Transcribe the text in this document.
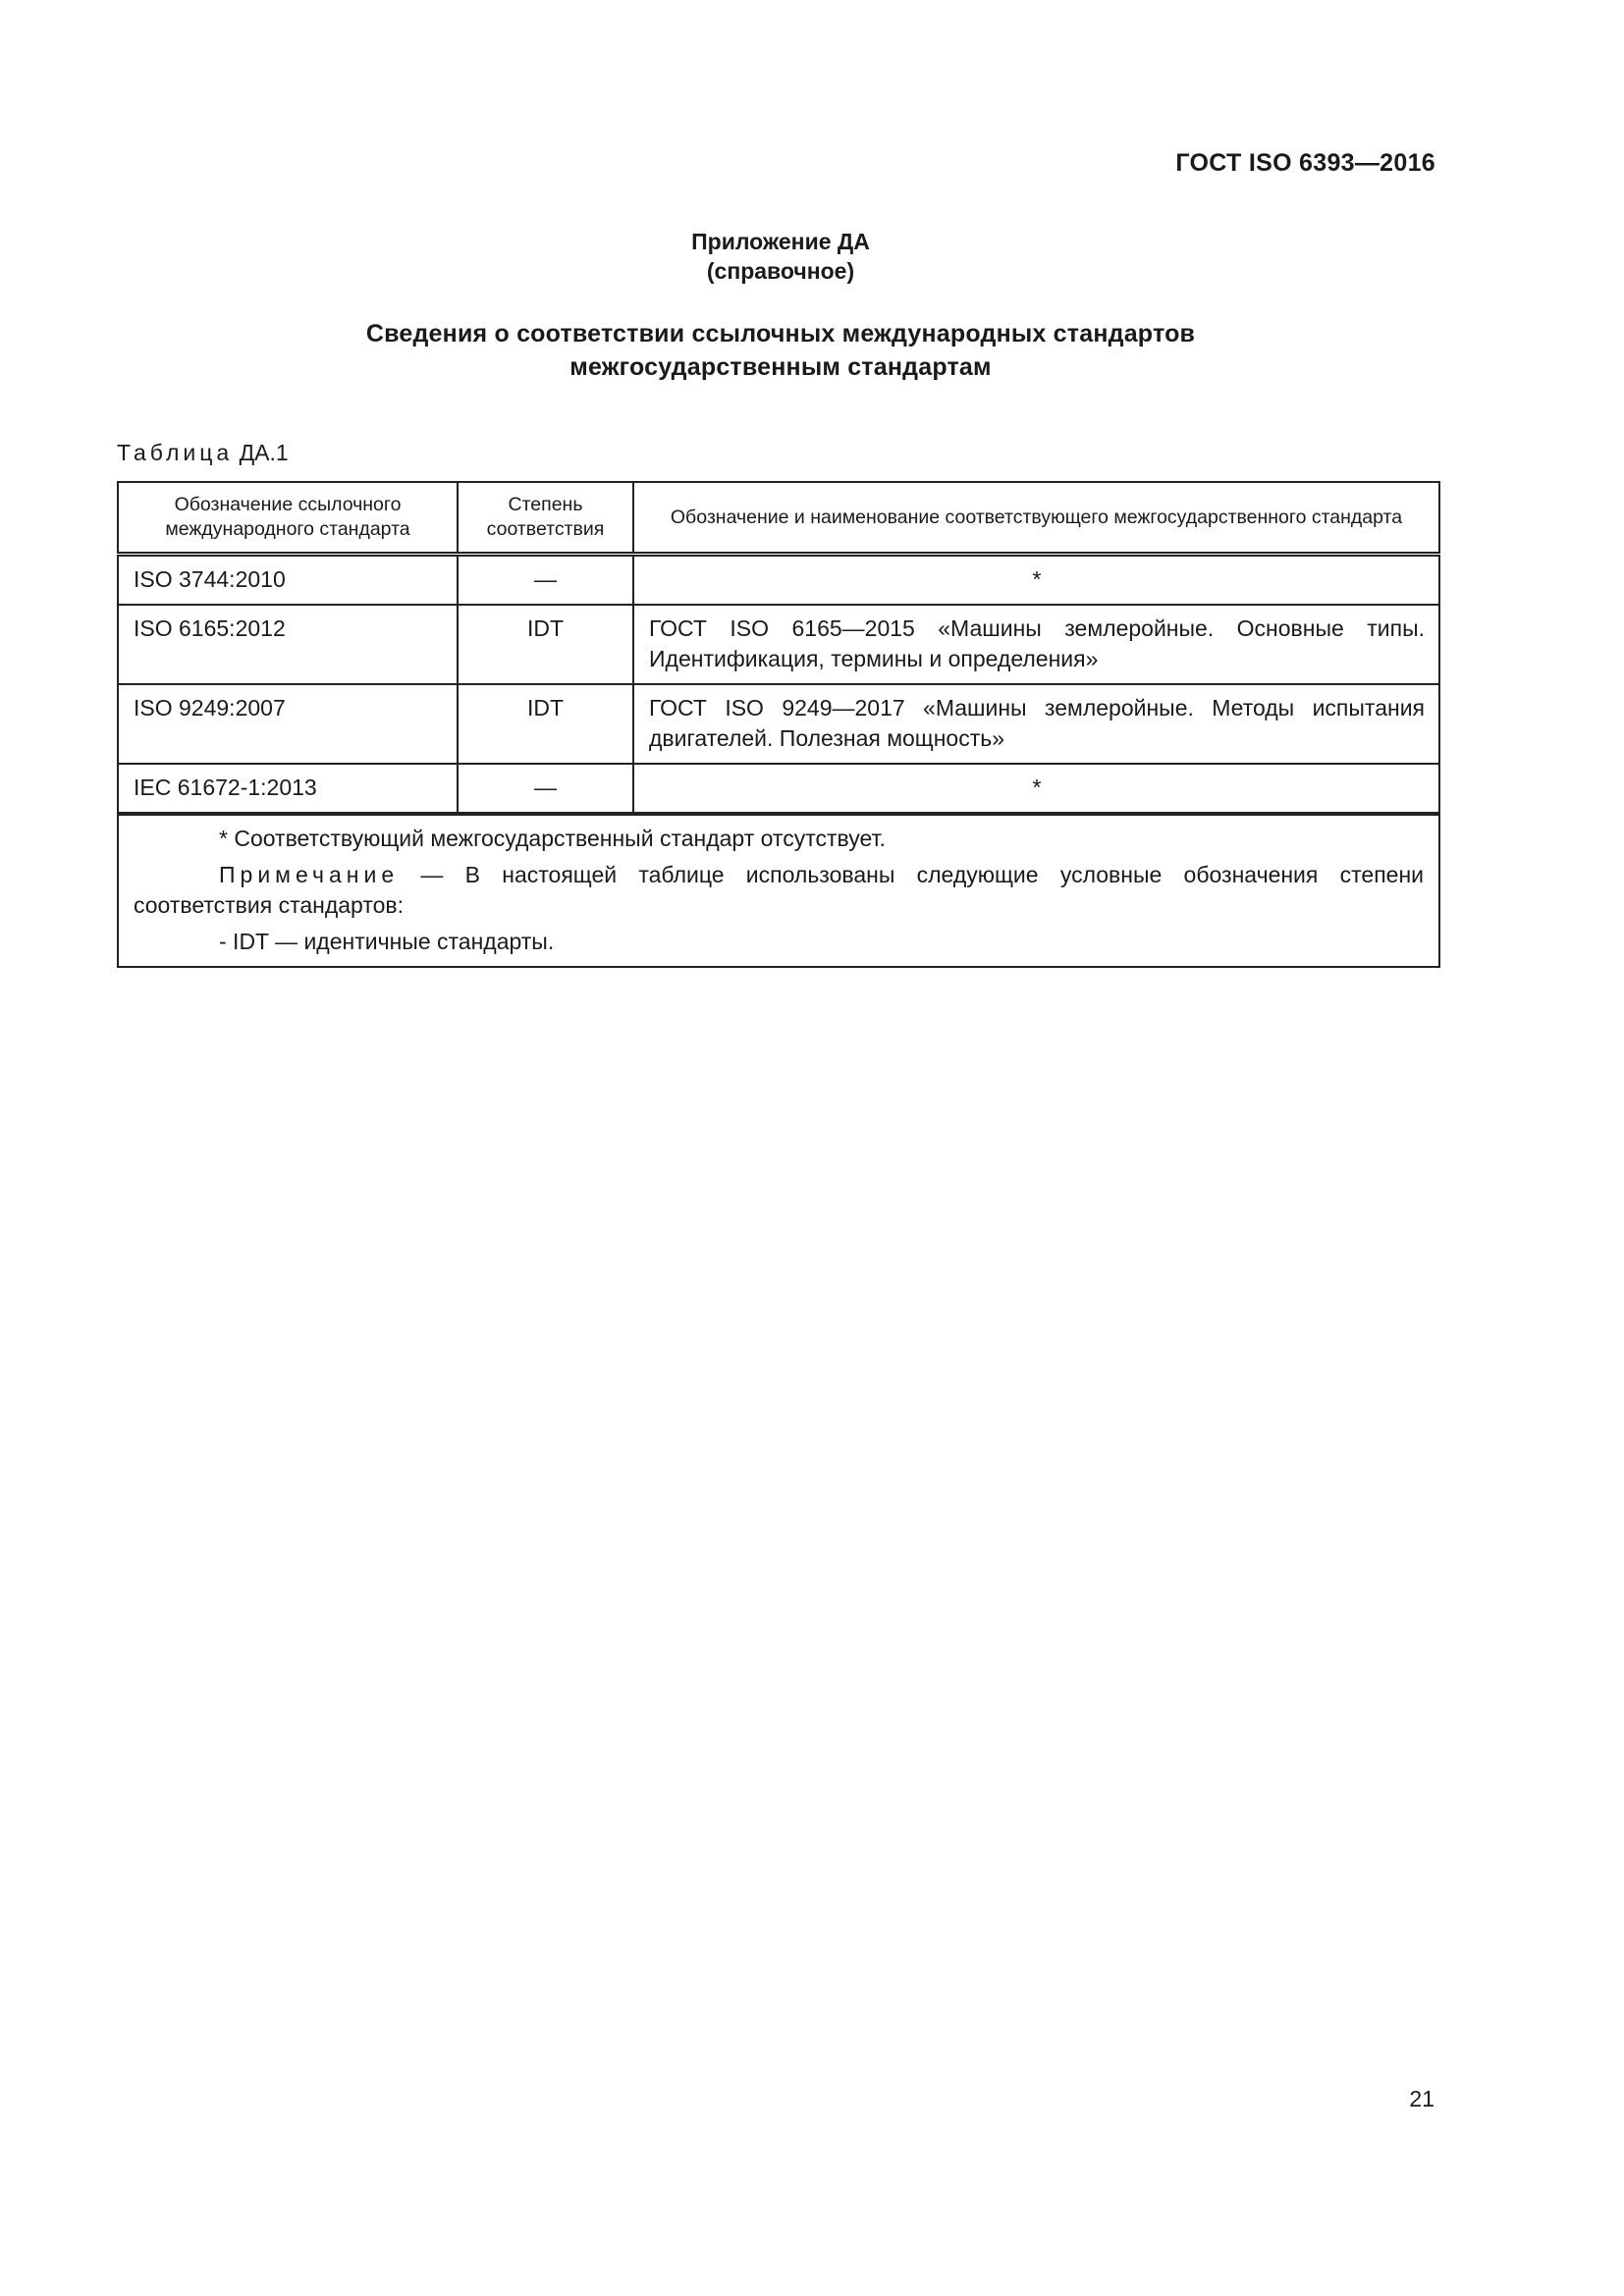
ГОСТ ISO 6393—2016
Приложение ДА
(справочное)
Сведения о соответствии ссылочных международных стандартов
межгосударственным стандартам
Таблица ДА.1
Обозначение ссылочного международного стандарта	Степень соответствия	Обозначение и наименование соответствующего межгосударственного стандарта
ISO 3744:2010	—	*
ISO 6165:2012	IDT	ГОСТ ISO 6165—2015 «Машины землеройные. Основные типы. Идентификация, термины и определения»
ISO 9249:2007	IDT	ГОСТ ISO 9249—2017 «Машины землеройные. Методы испытания двигателей. Полезная мощность»
IEC 61672-1:2013	—	*

* Соответствующий межгосударственный стандарт отсутствует.

Примечание — В настоящей таблице использованы следующие условные обозначения степени соответствия стандартов:

- IDT — идентичные стандарты.		

21
